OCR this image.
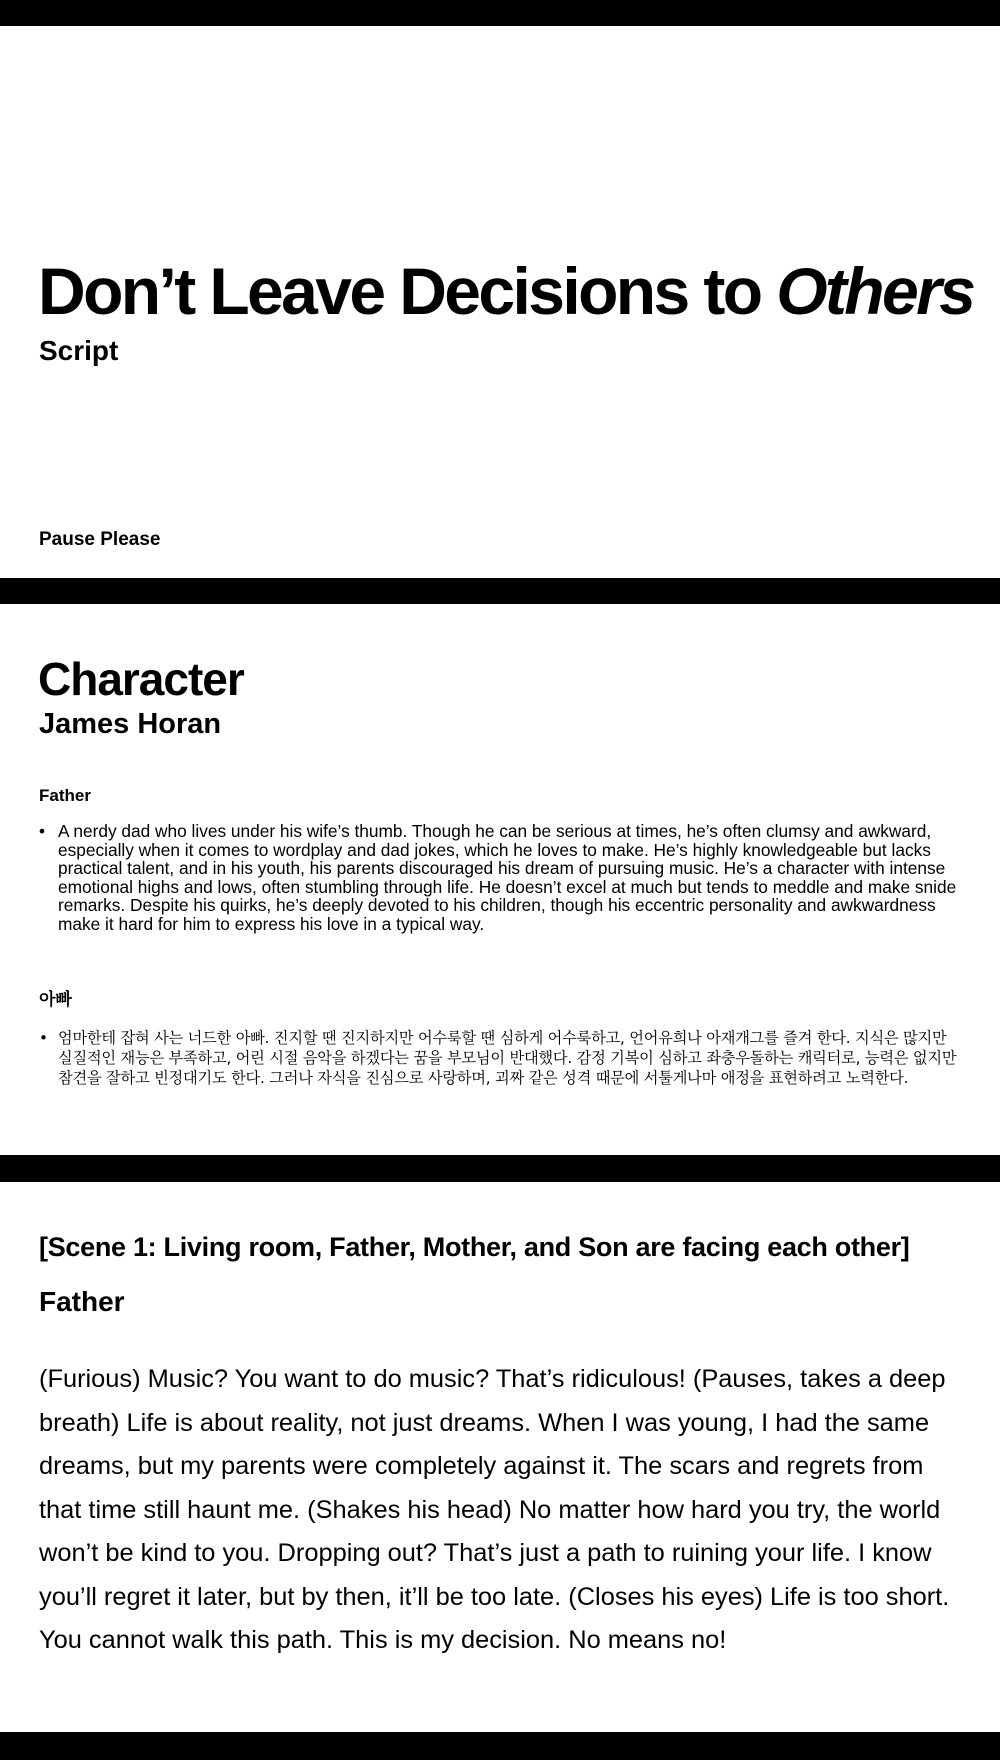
Don’t Leave Decisions to Others
Script
Pause Please
Character
James Horan
Father
• A nerdy dad who lives under his wife’s thumb. Though he can be serious at times, he’s often clumsy and awkward, especially when it comes to wordplay and dad jokes, which he loves to make. He’s highly knowledgeable but lacks practical talent, and in his youth, his parents discouraged his dream of pursuing music. He’s a character with intense emotional highs and lows, often stumbling through life. He doesn’t excel at much but tends to meddle and make snide remarks. Despite his quirks, he’s deeply devoted to his children, though his eccentric personality and awkwardness make it hard for him to express his love in a typical way.
아빠
• 엄마한테 잡혀 사는 너드한 아빠. 진지할 땐 진지하지만 어수룩할 땐 심하게 어수룩하고, 언어유희나 아재개그를 즐겨 한다. 지식은 많지만 실질적인 재능은 부족하고, 어린 시절 음악을 하겠다는 꿈을 부모님이 반대했다. 감정 기복이 심하고 좌충우돌하는 캐릭터로, 능력은 없지만 참견을 잘하고 빈정대기도 한다. 그러나 자식을 진심으로 사랑하며, 괴짜 같은 성격 때문에 서툴게나마 애정을 표현하려고 노력한다.
[Scene 1: Living room, Father, Mother, and Son are facing each other]
Father

(Furious) Music? You want to do music? That’s ridiculous! (Pauses, takes a deep breath) Life is about reality, not just dreams. When I was young, I had the same dreams, but my parents were completely against it. The scars and regrets from that time still haunt me. (Shakes his head) No matter how hard you try, the world won’t be kind to you. Dropping out? That’s just a path to ruining your life. I know you’ll regret it later, but by then, it’ll be too late. (Closes his eyes) Life is too short. You cannot walk this path. This is my decision. No means no!
